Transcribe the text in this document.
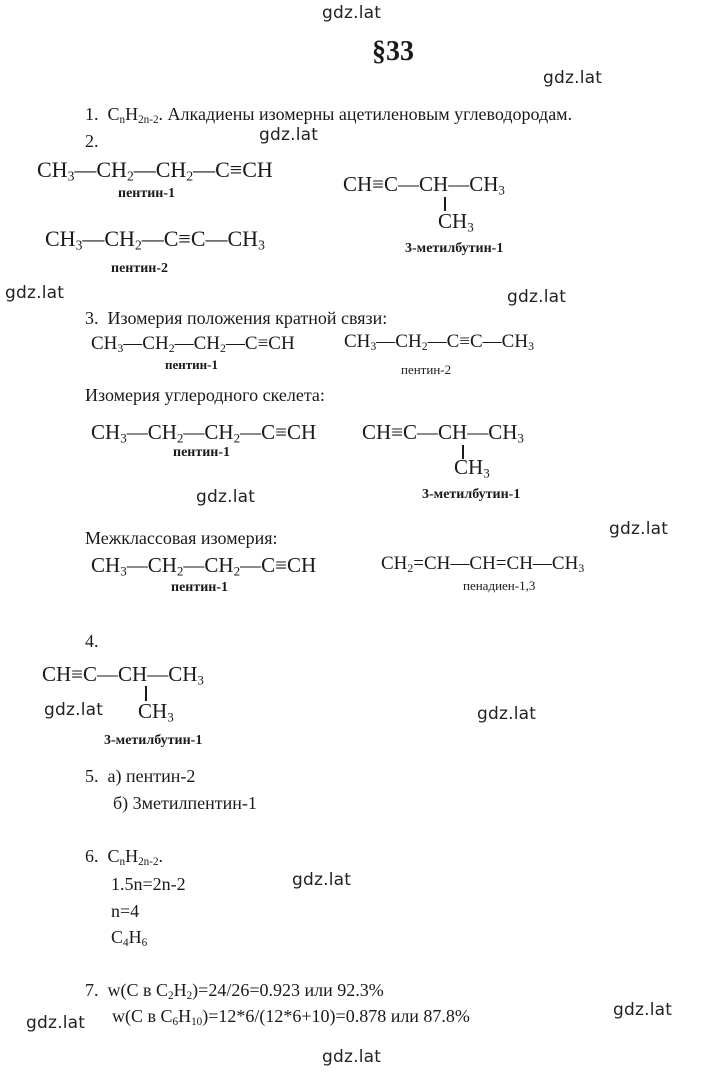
gdz.lat
gdz.lat
gdz.lat
gdz.lat	gdz.lat
gdz.lat
gdz.lat
gdz.lat	gdz.lat
gdz.lat
gdz.lat
gdz.lat
gdz.lat
§33
1. $C_nH_{2n-2}$. Алкадиены изомерны ацетиленовым углеводородам.
2.
$CH_3—CH_2—CH_2—C\equiv CH$
пентин-1	$CH\equiv C—CH—CH_3$
$CH_3$
3-метилбутин-1
$CH_3—CH_2—C\equiv C—CH_3$
пентин-2
3. Изомерия положения кратной связи:
$CH_3—CH_2—CH_2—C\equiv CH$
пентин-1
$CH_3—CH_2—C\equiv C—CH_3$
пентин-2
Изомерия углеродного скелета:
$CH_3—CH_2—CH_2—C\equiv CH$
пентин-1
$CH\equiv C—CH—CH_3$
$CH_3$
3-метилбутин-1
Межклассовая изомерия:
$CH_3—CH_2—CH_2—C\equiv CH$
пентин-1
$CH_2=CH—CH=CH—CH_3$
пенадиен-1,3
4.
$CH\equiv C—CH—CH_3$
$CH_3$
3-метилбутин-1
5. а) пентин-2
б) 3метилпентин-1
6. $C_nH_{2n-2}$.
1.5n=2n-2
n=4
$C_4H_6$
7. w(C в $C_2H_2)=24/26=0.923$ или 92.3%
w(C в $C_6H_{10})=12*6/(12*6+10)=0.878$ или 87.8%
